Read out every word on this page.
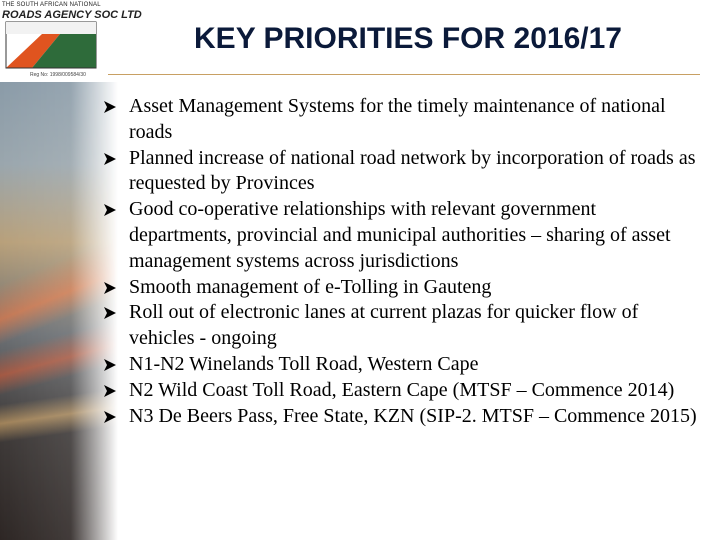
THE SOUTH AFRICAN NATIONAL
ROADS AGENCY SOC LTD
Reg No: 1998/009584/30
KEY PRIORITIES FOR 2016/17
Asset Management Systems for the timely maintenance of national roads
Planned increase of national road network by incorporation of roads as requested by Provinces
Good co-operative relationships with relevant government departments, provincial and municipal authorities – sharing of asset management systems across jurisdictions
Smooth management of e-Tolling in Gauteng
Roll out of electronic lanes at current plazas for quicker flow of vehicles - ongoing
N1-N2 Winelands Toll Road, Western Cape
N2 Wild Coast Toll Road, Eastern Cape (MTSF – Commence 2014)
N3 De Beers Pass, Free State, KZN (SIP-2. MTSF – Commence 2015)
